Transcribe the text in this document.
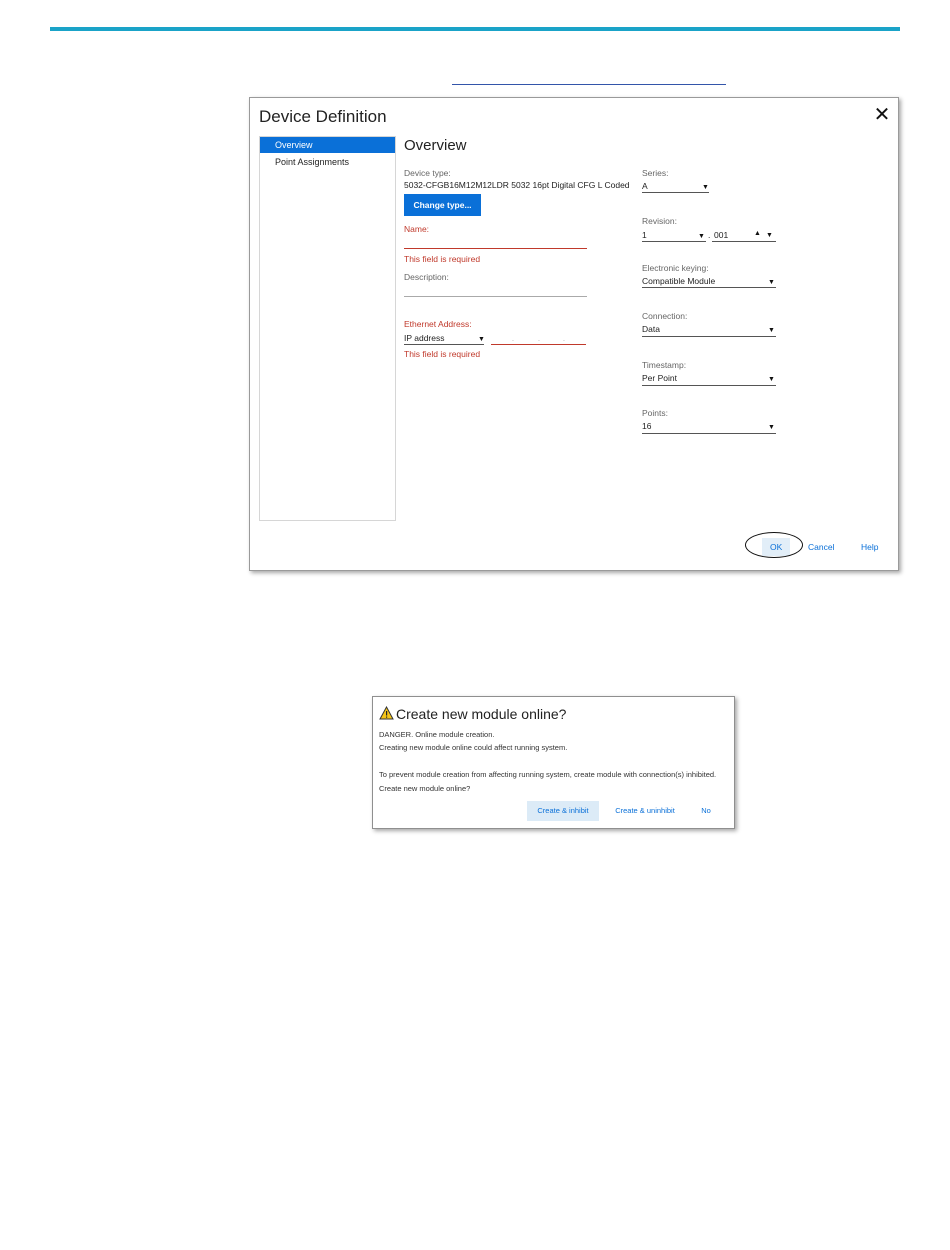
Device Definition	✕
Overview
Point Assignments
Overview
Device type:
5032-CFGB16M12M12LDR 5032 16pt Digital CFG L Coded
Change type...
Name:
This field is required
Description:
Ethernet Address:
IP address	▼	.	.	.
This field is required
Series:
A	▼
Revision:
1	▼ . 001	▲ ▼
Electronic keying:
Compatible Module	▼
Connection:
Data	▼
Timestamp:
Per Point	▼
Points:
16	▼
OK	Cancel	Help
Create new module online?
DANGER. Online module creation.
Creating new module online could affect running system.
To prevent module creation from affecting running system, create module with connection(s) inhibited.
Create new module online?
Create & inhibit	Create & uninhibit	No
